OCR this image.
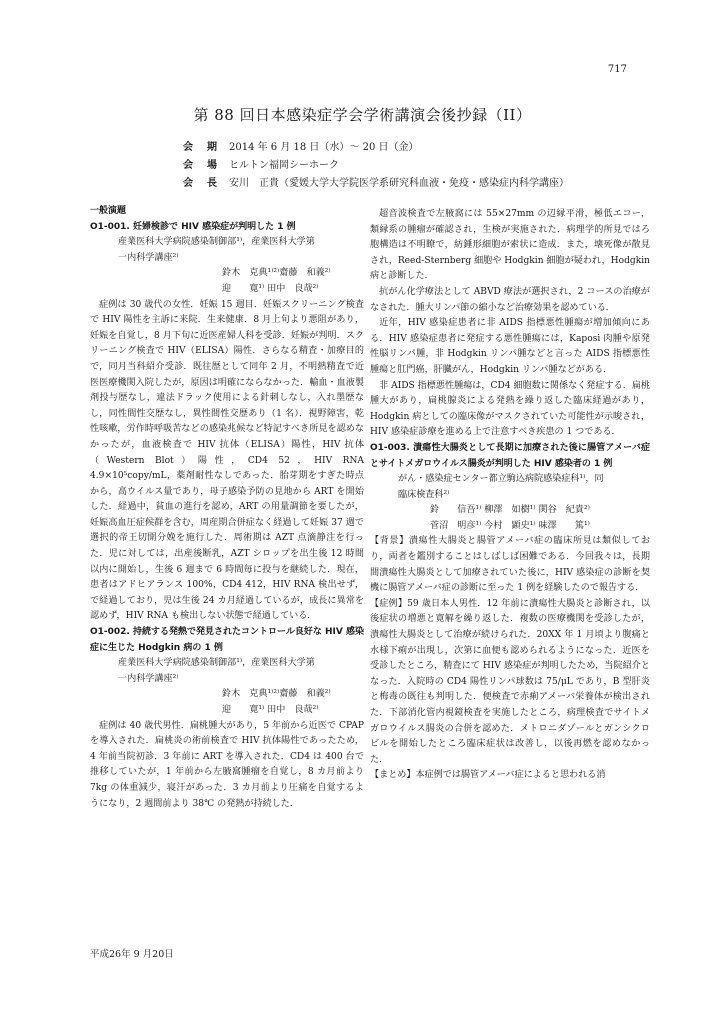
717
第 88 回日本感染症学会学術講演会後抄録（II）
会　期 2014 年 6 月 18 日（水）～ 20 日（金）
会　場 ヒルトン福岡シーホーク
会　長 安川　正貴（愛媛大学大学院医学系研究科血液・免疫・感染症内科学講座）

一般演題

O1-001. 妊婦検診で HIV 感染症が判明した 1 例

産業医科大学病院感染制御部¹⁾，産業医科大学第

一内科学講座²⁾

鈴木　克典¹⁾²⁾齋藤　和義²⁾

迎　　寛¹⁾ 田中　良哉²⁾

症例は 30 歳代の女性．妊娠 15 週目．妊娠スクリーニング検査で HIV 陽性を主訴に来院．生来健康．8 月上旬より悪阻があり，妊娠を自覚し，8 月下旬に近医産婦人科を受診．妊娠が判明．スクリーニング検査で HIV（ELISA）陽性．さらなる精査・加療目的で，同月当科紹介受診．既往歴として同年 2 月，不明熱精査で近医医療機関入院したが，原因は明確にならなかった．輸血・血液製剤投与歴なし，違法ドラック使用による針刺しなし，入れ墨歴なし，同性間性交歴なし，異性間性交歴あり（1 名）．視野障害，乾性咳嗽，労作時呼吸苦などの感染兆候など特記すべき所見を認めなかったが，血液検査で HIV 抗体（ELISA）陽性，HIV 抗体（Western Blot）陽性，CD4 52，HIV RNA 4.9×10⁵copy/mL，薬剤耐性なしであった．胎芽期をすぎた時点から，高ウイルス量であり，母子感染予防の見地から ART を開始した．経過中，貧血の進行を認め，ART の用量調節を要したが，妊娠高血圧症候群を含む，周産期合併症なく経過して妊娠 37 週で選択的帝王切開分娩を施行した．周術期は AZT 点滴静注を行った．児に対しては，出産後断乳，AZT シロップを出生後 12 時間以内に開始し，生後 6 週まで 6 時間毎に投与を継続した．現在，患者はアドヒアランス 100%，CD4 412，HIV RNA 検出せず，で経過しており，児は生後 24 カ月経過しているが，成長に異常を認めず，HIV RNA も検出しない状態で経過している．

O1-002. 持続する発熱で発見されたコントロール良好な HIV 感染症に生じた Hodgkin 病の 1 例

産業医科大学病院感染制御部¹⁾，産業医科大学第

一内科学講座²⁾

鈴木　克典¹⁾²⁾齋藤　和義²⁾

迎　　寛¹⁾ 田中　良哉²⁾

症例は 40 歳代男性．扁桃腫大があり，5 年前から近医で CPAP を導入された．扁桃炎の術前検査で HIV 抗体陽性であったため，4 年前当院初診．3 年前に ART を導入された．CD4 は 400 台で推移していたが，1 年前から左腋窩腫瘤を自覚し，8 カ月前より 7kg の体重減少，寝汗があった．3 カ月前より圧痛を自覚するようになり，2 週間前より 38℃ の発熱が持続した．

超音波検査で左腋窩には 55×27mm の辺縁平滑，極低エコー，類縁系の腫瘤が確認され，生検が実施された．病理学的所見ではろ胞構造は不明瞭で，紡錘形細胞が索状に造成．また，壊死像が散見され，Reed-Sternberg 細胞や Hodgkin 細胞が疑われ，Hodgkin 病と診断した．

抗がん化学療法として ABVD 療法が選択され，2 コースの治療がなされた．腫大リンパ節の縮小など治療効果を認めている．

近年，HIV 感染症患者に非 AIDS 指標悪性腫瘍が増加傾向にある．HIV 感染症患者に発症する悪性腫瘍には，Kaposi 肉腫や原発性脳リンパ腫，非 Hodgkin リンパ腫などと言った AIDS 指標悪性腫瘍と肛門癌，肝臓がん，Hodgkin リンパ腫などがある．

非 AIDS 指標悪性腫瘍は，CD4 細胞数に関係なく発症する．扁桃腫大があり，扁桃腺炎による発熱を繰り返した臨床経過があり，Hodgkin 病としての臨床像がマスクされていた可能性が示唆され，HIV 感染症診療を進める上で注意すべき疾患の 1 つである．

O1-003. 潰瘍性大腸炎として長期に加療された後に腸管アメーバ症とサイトメガロウイルス腸炎が判明した HIV 感染者の 1 例

がん・感染症センター都立駒込病院感染症科¹⁾，同

臨床検査科²⁾

鈴　　信吾¹⁾ 柳澤　如樹¹⁾ 関谷　紀貴²⁾

菅沼　明彦¹⁾ 今村　顕史¹⁾ 味澤　　篤¹⁾

【背景】潰瘍性大腸炎と腸管アメーバ症の臨床所見は類似しており，両者を鑑別することはしばしば困難である．今回我々は，長期間潰瘍性大腸炎として加療されていた後に，HIV 感染症の診断を契機に腸管アメーバ症の診断に至った 1 例を経験したので報告する．

【症例】59 歳日本人男性．12 年前に潰瘍性大腸炎と診断され，以後症状の増悪と寛解を繰り返した．複数の医療機関を受診したが，潰瘍性大腸炎として治療が続けられた．20XX 年 1 月頃より腹痛と水様下痢が出現し，次第に血便も認められるようになった．近医を受診したところ，精査にて HIV 感染症が判明したため，当院紹介となった．入院時の CD4 陽性リンパ球数は 75/μL であり，B 型肝炎と梅毒の既往も判明した．便検査で赤痢アメーバ栄養体が検出された．下部消化管内視鏡検査を実施したところ，病理検査でサイトメガロウイルス腸炎の合併を認めた．メトロニダゾールとガンシクロビルを開始したところ臨床症状は改善し，以後再燃を認めなかった．

【まとめ】本症例では腸管アメーバ症によると思われる消

平成26年 9 月20日
